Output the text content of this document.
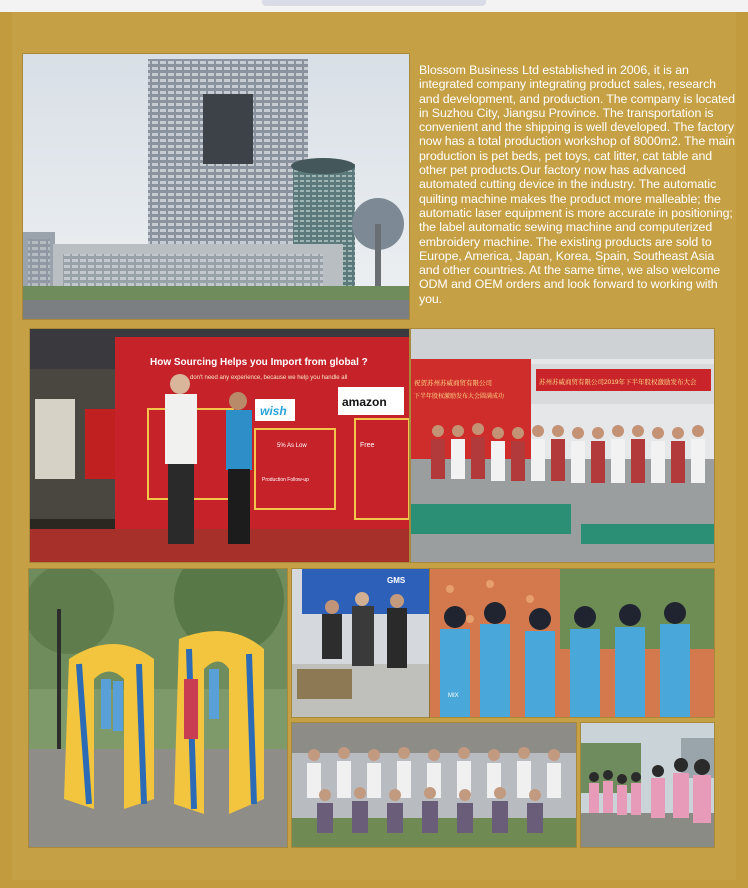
Blossom Business Ltd established in 2006, it is an integrated company integrating product sales, research and development, and production. The company is located in Suzhou City, Jiangsu Province. The transportation is convenient and the shipping is well developed. The factory now has a total production workshop of 8000m2. The main production is pet beds, pet toys, cat litter, cat table and other pet products.Our factory now has advanced automated cutting device in the industry. The automatic quilting machine makes the product more malleable; the automatic laser equipment is more accurate in positioning; the label automatic sewing machine and computerized embroidery machine. The existing products are sold to Europe, America, Japan, Korea, Spain, Southeast Asia and other countries. At the same time, we also welcome ODM and OEM orders and look forward to working with you.
How Sourcing Helps you Import from global ?
don't need any experience, because we help you handle all
wish
amazon
5% As Low
Production Follow-up
Free
祝贺苏州苏威商贸有限公司
下半年股权激励发布大会圆满成功
苏州苏威商贸有限公司2019年下半年股权激励发布大会
GMS
MIX
